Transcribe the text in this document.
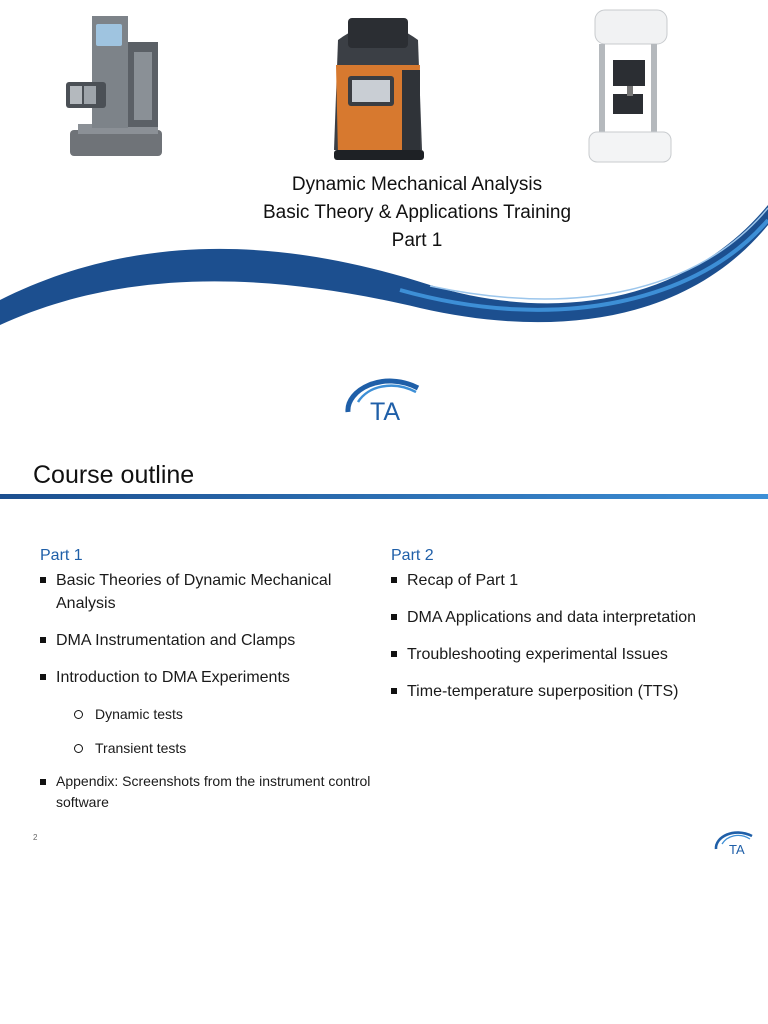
Dynamic Mechanical Analysis
Basic Theory & Applications Training
Part 1
TA
Course outline
Part 1
Basic Theories of Dynamic Mechanical Analysis
DMA Instrumentation and Clamps
Introduction to DMA Experiments
Dynamic tests
Transient tests
Appendix: Screenshots from the instrument control software
Part 2
Recap of Part 1
DMA Applications and data interpretation
Troubleshooting experimental Issues
Time-temperature superposition (TTS)
2
TA
